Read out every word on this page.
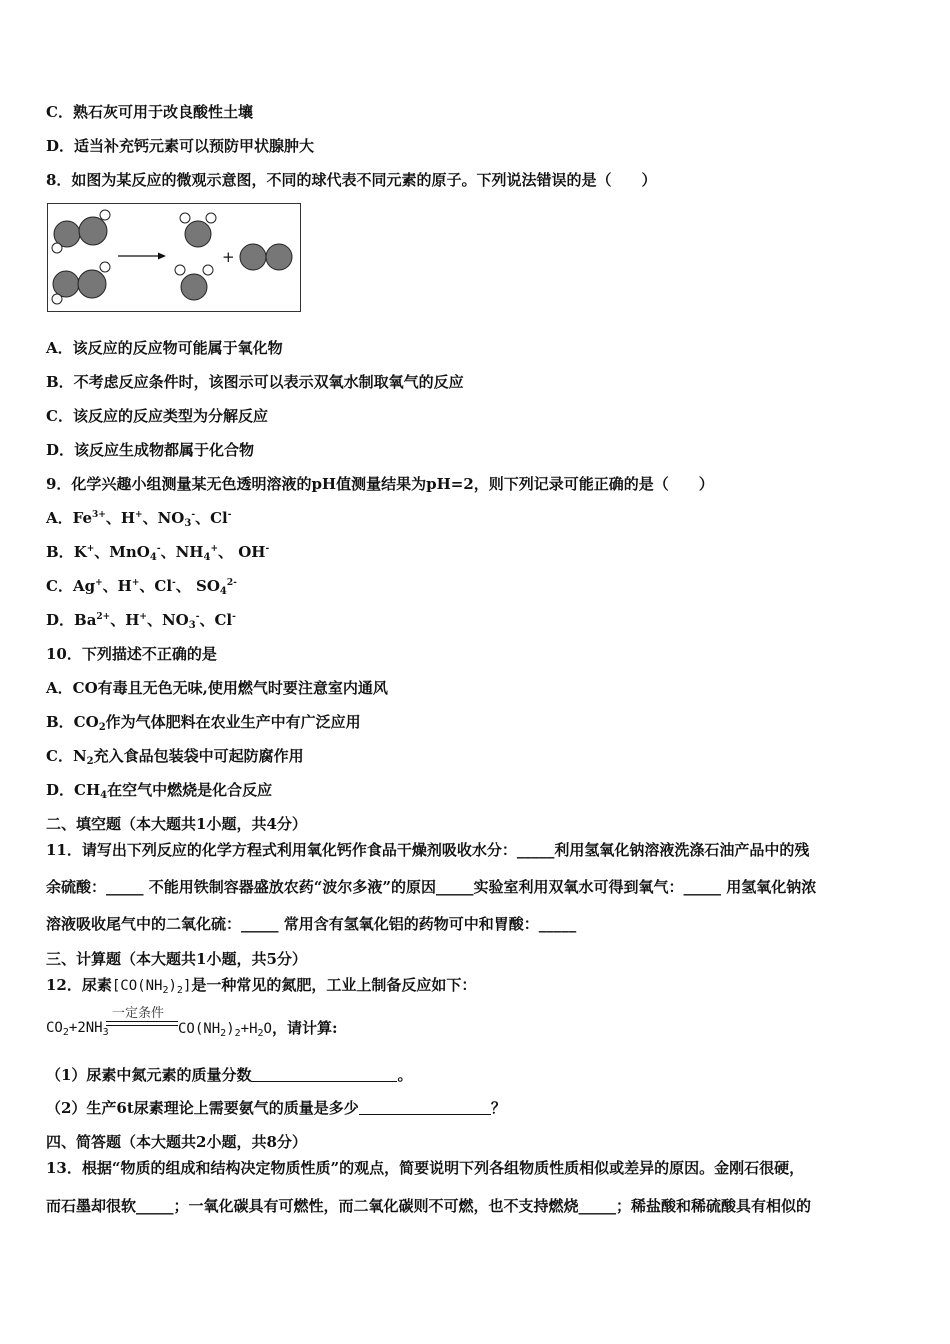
C．熟石灰可用于改良酸性土壤
D．适当补充钙元素可以预防甲状腺肿大
8．如图为某反应的微观示意图，不同的球代表不同元素的原子。下列说法错误的是（　　）
+
A．该反应的反应物可能属于氧化物
B．不考虑反应条件时，该图示可以表示双氧水制取氧气的反应
C．该反应的反应类型为分解反应
D．该反应生成物都属于化合物
9．化学兴趣小组测量某无色透明溶液的pH值测量结果为pH=2，则下列记录可能正确的是（　　）
A．$Fe^{3+}$、H+、$NO_3^-$、Cl-
B．K+、MnO$_4$-、$NH_4^+$、 OH-
C．Ag+、H+、Cl-、 $SO_4^{2-}$
D．$Ba^{2+}$、H+、$NO_3^-$、Cl-
10．下列描述不正确的是
A．CO有毒且无色无味,使用燃气时要注意室内通风
B．$CO_2$作为气体肥料在农业生产中有广泛应用
C．$N_2$充入食品包装袋中可起防腐作用
D．$CH_4$在空气中燃烧是化合反应
二、填空题（本大题共1小题，共4分）
11．请写出下列反应的化学方程式利用氧化钙作食品干燥剂吸收水分：_____利用氢氧化钠溶液洗涤石油产品中的残
余硫酸：_____ 不能用铁制容器盛放农药“波尔多液”的原因_____实验室利用双氧水可得到氧气：_____ 用氢氧化钠浓
溶液吸收尾气中的二氧化硫：_____ 常用含有氢氧化铝的药物可中和胃酸：_____
三、计算题（本大题共1小题，共5分）
12．尿素$[CO(NH_2)_2]$是一种常见的氮肥，工业上制备反应如下：
一定条件
$CO_2+2NH_3$	$CO(NH_2)_2+H_2O$，请计算:
（1）尿素中氮元素的质量分数	。
（2）生产6t尿素理论上需要氨气的质量是多少	？
四、简答题（本大题共2小题，共8分）
13．根据“物质的组成和结构决定物质性质”的观点，简要说明下列各组物质性质相似或差异的原因。金刚石很硬，
而石墨却很软_____；一氧化碳具有可燃性，而二氧化碳则不可燃，也不支持燃烧_____；稀盐酸和稀硫酸具有相似的
